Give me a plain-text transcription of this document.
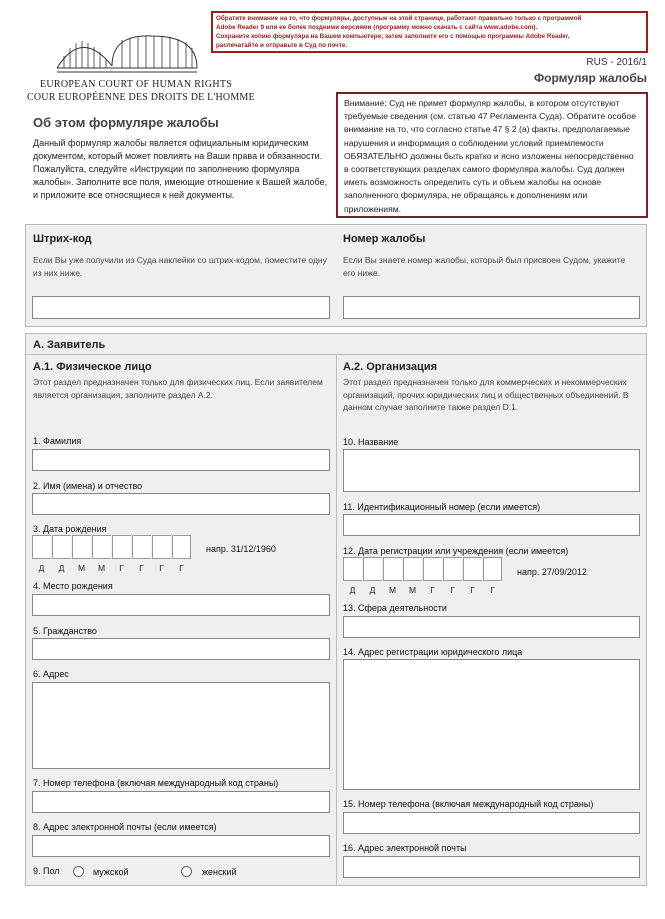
EUROPEAN COURT OF HUMAN RIGHTS
COUR EUROPÉENNE DES DROITS DE L'HOMME
Обратите внимание на то, что формуляры, доступные на этой странице, работают правильно только с программой
Adobe Reader 9 или ее более поздними версиями (программу можно скачать с сайта www.adobe.com).
Сохраните копию формуляра на Вашем компьютере; затем заполните его с помощью программы Adobe Reader,
распечатайте и отправьте в Суд по почте.
RUS - 2016/1
Формуляр жалобы
Об этом формуляре жалобы
Данный формуляр жалобы является официальным юридическим документом, который может повлиять на Ваши права и обязанности. Пожалуйста, следуйте «Инструкции по заполнению формуляра жалобы». Заполните все поля, имеющие отношение к Вашей жалобе, и приложите все относящиеся к ней документы.
Внимание: Суд не примет формуляр жалобы, в котором отсутствуют требуемые сведения (см. статью 47 Регламента Суда). Обратите особое внимание на то, что согласно статье 47 § 2 (a) факты, предполагаемые нарушения и информация о соблюдении условий приемлемости ОБЯЗАТЕЛЬНО должны быть кратко и ясно изложены непосредственно в соответствующих разделах самого формуляра жалобы. Суд должен иметь возможность определить суть и объем жалобы на основе заполненного формуляра, не обращаясь к дополнениям или приложениям.
Штрих-код
Если Вы уже получили из Суда наклейки со штрих-кодом, поместите одну из них ниже.
Номер жалобы
Если Вы знаете номер жалобы, который был присвоен Судом, укажите его ниже.
A. Заявитель
A.1. Физическое лицо
Этот раздел предназначен только для физических лиц. Если заявителем является организация, заполните раздел A.2.
1. Фамилия
2. Имя (имена) и отчество
3. Дата рождения
Д	Д	М	М	Г	Г	Г	Г
напр. 31/12/1960
4. Место рождения
5. Гражданство
6. Адрес
7. Номер телефона (включая международный код страны)
8. Адрес электронной почты (если имеется)
9. Пол	мужской	женский
A.2. Организация
Этот раздел предназначен только для коммерческих и некоммерческих организаций, прочих юридических лиц и общественных объединений. В данном случае заполните также раздел D.1.
10. Название
11. Идентификационный номер (если имеется)
12. Дата регистрации или учреждения (если имеется)
Д	Д	М	М	Г	Г	Г	Г
напр. 27/09/2012
13. Сфера деятельности
14. Адрес регистрации юридического лица
15. Номер телефона (включая международный код страны)
16. Адрес электронной почты
